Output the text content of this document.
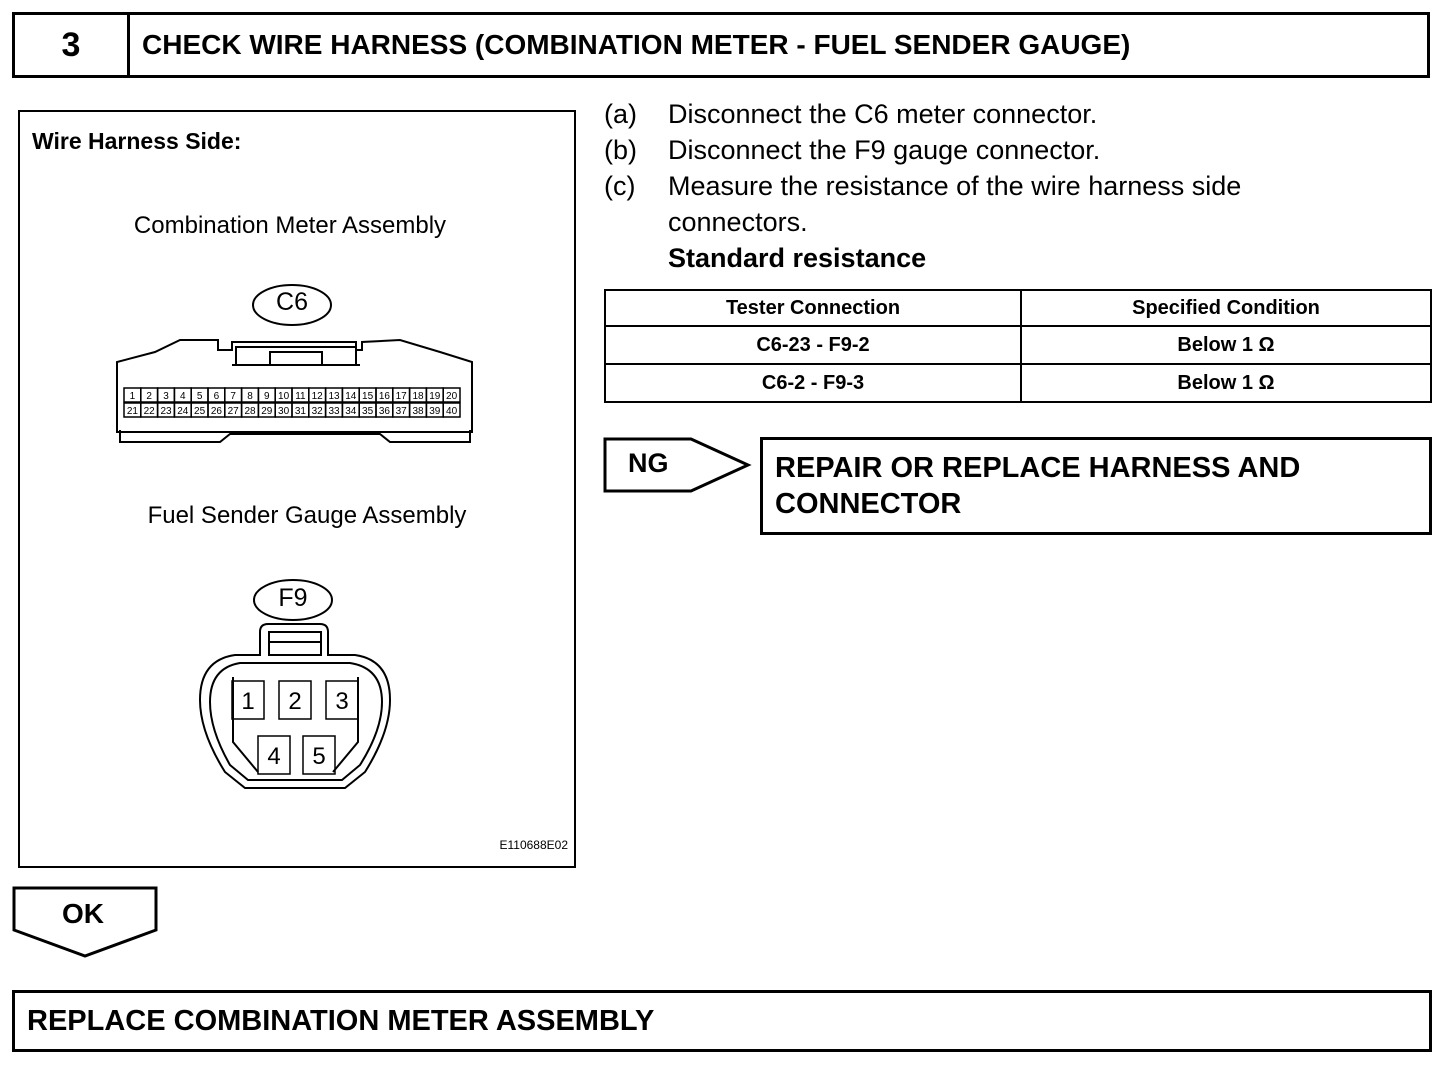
3	CHECK WIRE HARNESS (COMBINATION METER - FUEL SENDER GAUGE)
1 2 3 4 5 6 7 8 9 10 11 12 13 14 15 16 17 18 19 20
21 22 23 24 25 26 27 28 29 30 31 32 33 34 35 36 37 38 39 40
1 2 3
4 5
Wire Harness Side:
Combination Meter Assembly
C6
Fuel Sender Gauge Assembly
F9
E110688E02
(a)	Disconnect the C6 meter connector.
(b)	Disconnect the F9 gauge connector.
(c)	Measure the resistance of the wire harness side connectors.
Standard resistance
Tester Connection	Specified Condition
C6-23 - F9-2	Below 1 Ω
C6-2 - F9-3	Below 1 Ω
NG	REPAIR OR REPLACE HARNESS AND CONNECTOR
OK
REPLACE COMBINATION METER ASSEMBLY
